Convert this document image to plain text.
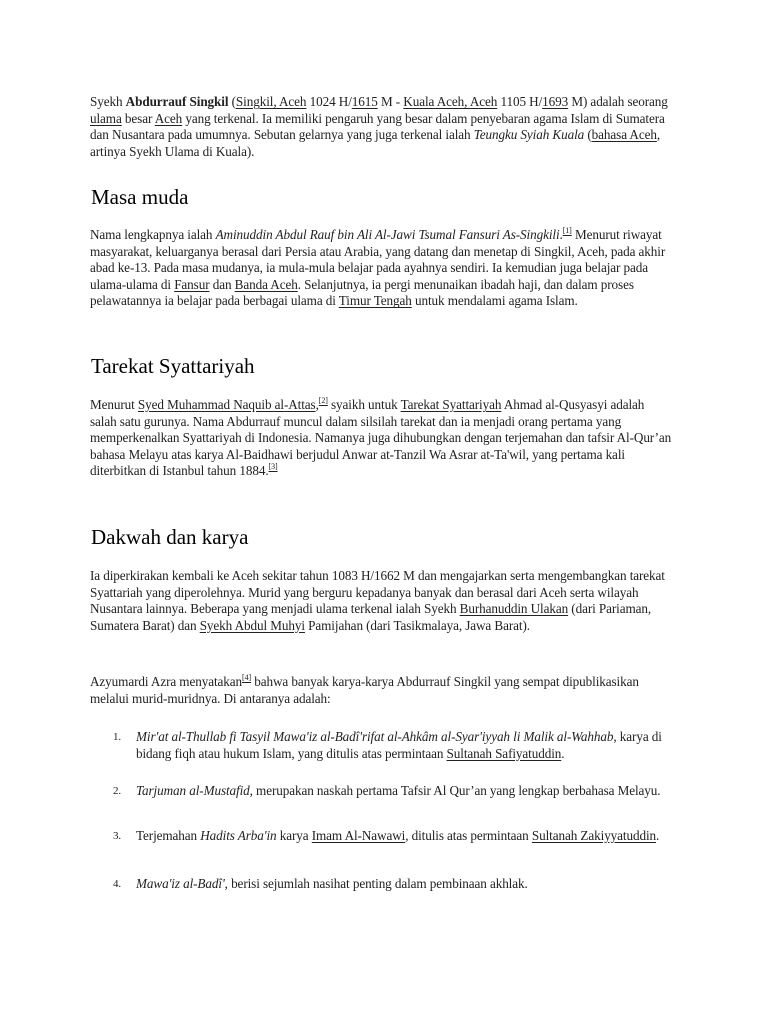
Syekh Abdurrauf Singkil (Singkil, Aceh 1024 H/1615 M - Kuala Aceh, Aceh 1105 H/1693 M) adalah seorang ulama besar Aceh yang terkenal. Ia memiliki pengaruh yang besar dalam penyebaran agama Islam di Sumatera dan Nusantara pada umumnya. Sebutan gelarnya yang juga terkenal ialah Teungku Syiah Kuala (bahasa Aceh, artinya Syekh Ulama di Kuala).

Masa muda

Nama lengkapnya ialah Aminuddin Abdul Rauf bin Ali Al-Jawi Tsumal Fansuri As-Singkili.[1] Menurut riwayat masyarakat, keluarganya berasal dari Persia atau Arabia, yang datang dan menetap di Singkil, Aceh, pada akhir abad ke-13. Pada masa mudanya, ia mula-mula belajar pada ayahnya sendiri. Ia kemudian juga belajar pada ulama-ulama di Fansur dan Banda Aceh. Selanjutnya, ia pergi menunaikan ibadah haji, dan dalam proses pelawatannya ia belajar pada berbagai ulama di Timur Tengah untuk mendalami agama Islam.

Tarekat Syattariyah

Menurut Syed Muhammad Naquib al-Attas,[2] syaikh untuk Tarekat Syattariyah Ahmad al-Qusyasyi adalah salah satu gurunya. Nama Abdurrauf muncul dalam silsilah tarekat dan ia menjadi orang pertama yang memperkenalkan Syattariyah di Indonesia. Namanya juga dihubungkan dengan terjemahan dan tafsir Al-Qur’an bahasa Melayu atas karya Al-Baidhawi berjudul Anwar at-Tanzil Wa Asrar at-Ta'wil, yang pertama kali diterbitkan di Istanbul tahun 1884.[3]

Dakwah dan karya

Ia diperkirakan kembali ke Aceh sekitar tahun 1083 H/1662 M dan mengajarkan serta mengembangkan tarekat Syattariah yang diperolehnya. Murid yang berguru kepadanya banyak dan berasal dari Aceh serta wilayah Nusantara lainnya. Beberapa yang menjadi ulama terkenal ialah Syekh Burhanuddin Ulakan (dari Pariaman, Sumatera Barat) dan Syekh Abdul Muhyi Pamijahan (dari Tasikmalaya, Jawa Barat).

Azyumardi Azra menyatakan[4] bahwa banyak karya-karya Abdurrauf Singkil yang sempat dipublikasikan melalui murid-muridnya. Di antaranya adalah:

1. Mir'at al-Thullab fi Tasyil Mawa'iz al-Badî'rifat al-Ahkâm al-Syar'iyyah li Malik al-Wahhab, karya di bidang fiqh atau hukum Islam, yang ditulis atas permintaan Sultanah Safiyatuddin.
2. Tarjuman al-Mustafid, merupakan naskah pertama Tafsir Al Qur’an yang lengkap berbahasa Melayu.
3. Terjemahan Hadits Arba'in karya Imam Al-Nawawi, ditulis atas permintaan Sultanah Zakiyyatuddin.
4. Mawa'iz al-Badî', berisi sejumlah nasihat penting dalam pembinaan akhlak.
